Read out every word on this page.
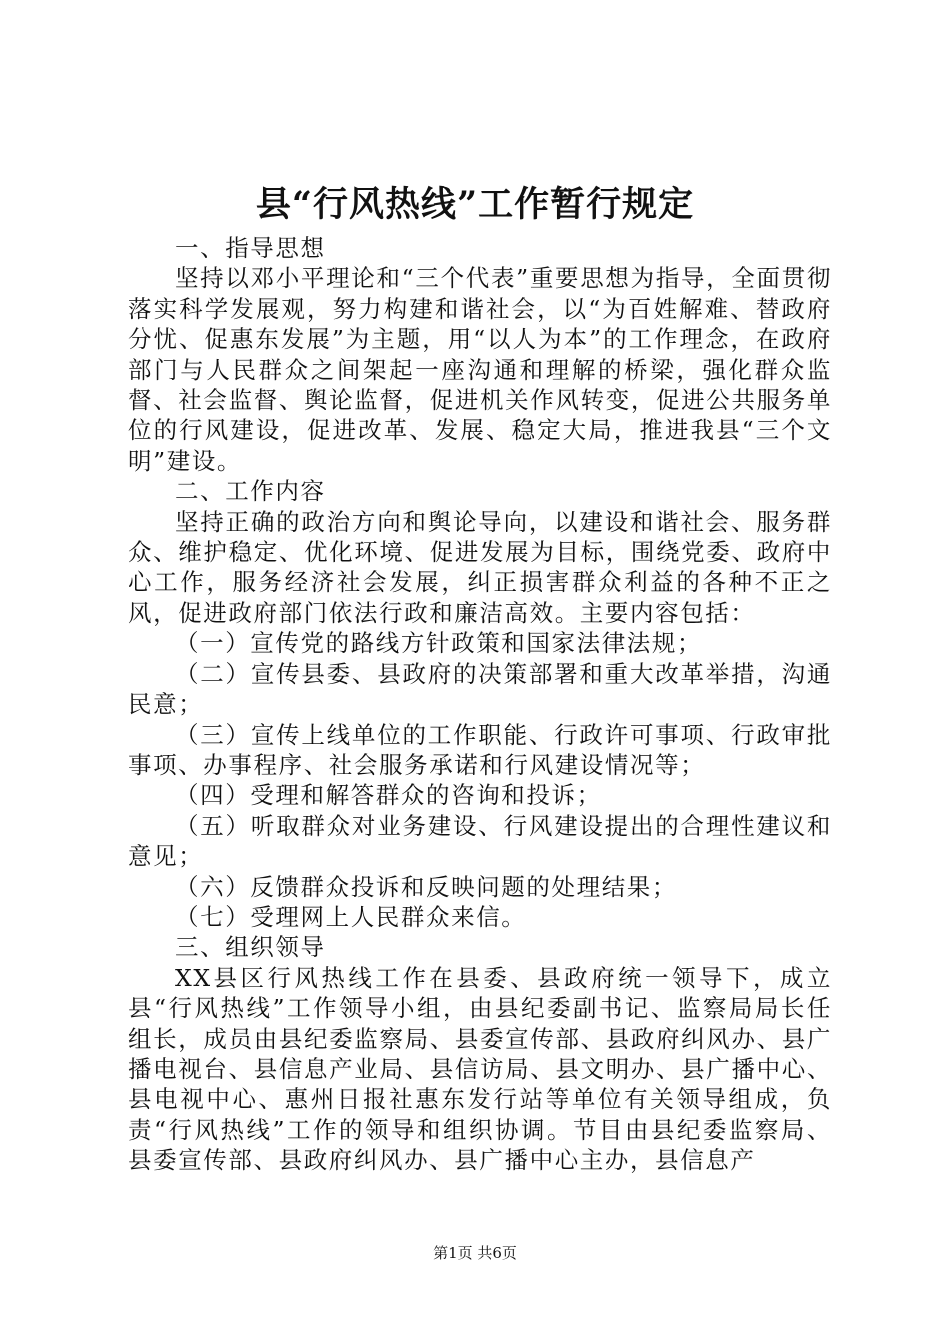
县“行风热线”工作暂行规定

一、指导思想

坚持以邓小平理论和“三个代表”重要思想为指导，全面贯彻落实科学发展观，努力构建和谐社会，以“为百姓解难、替政府分忧、促惠东发展”为主题，用“以人为本”的工作理念，在政府部门与人民群众之间架起一座沟通和理解的桥梁，强化群众监督、社会监督、舆论监督，促进机关作风转变，促进公共服务单位的行风建设，促进改革、发展、稳定大局，推进我县“三个文明”建设。

二、工作内容

坚持正确的政治方向和舆论导向，以建设和谐社会、服务群众、维护稳定、优化环境、促进发展为目标，围绕党委、政府中心工作，服务经济社会发展，纠正损害群众利益的各种不正之风，促进政府部门依法行政和廉洁高效。主要内容包括：

（一）宣传党的路线方针政策和国家法律法规；

（二）宣传县委、县政府的决策部署和重大改革举措，沟通民意；

（三）宣传上线单位的工作职能、行政许可事项、行政审批事项、办事程序、社会服务承诺和行风建设情况等；

（四）受理和解答群众的咨询和投诉；

（五）听取群众对业务建设、行风建设提出的合理性建议和意见；

（六）反馈群众投诉和反映问题的处理结果；

（七）受理网上人民群众来信。

三、组织领导

XX县区行风热线工作在县委、县政府统一领导下，成立县“行风热线”工作领导小组，由县纪委副书记、监察局局长任组长，成员由县纪委监察局、县委宣传部、县政府纠风办、县广播电视台、县信息产业局、县信访局、县文明办、县广播中心、县电视中心、惠州日报社惠东发行站等单位有关领导组成，负责“行风热线”工作的领导和组织协调。节目由县纪委监察局、县委宣传部、县政府纠风办、县广播中心主办，县信息产

第1页 共6页
